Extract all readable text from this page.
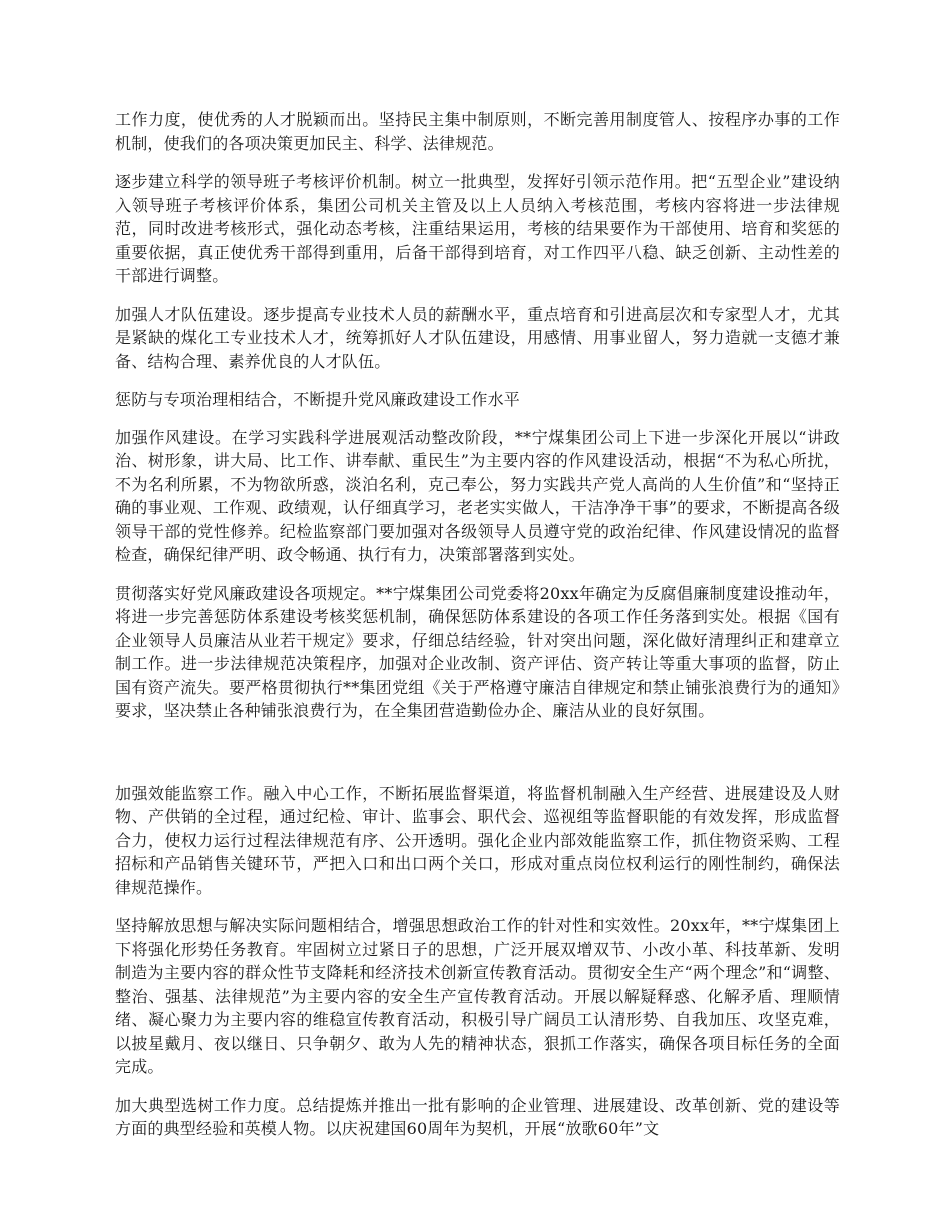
工作力度，使优秀的人才脱颖而出。坚持民主集中制原则，不断完善用制度管人、按程序办事的工作机制，使我们的各项决策更加民主、科学、法律规范。

逐步建立科学的领导班子考核评价机制。树立一批典型，发挥好引领示范作用。把“五型企业”建设纳入领导班子考核评价体系，集团公司机关主管及以上人员纳入考核范围，考核内容将进一步法律规范，同时改进考核形式，强化动态考核，注重结果运用，考核的结果要作为干部使用、培育和奖惩的重要依据，真正使优秀干部得到重用，后备干部得到培育，对工作四平八稳、缺乏创新、主动性差的干部进行调整。

加强人才队伍建设。逐步提高专业技术人员的薪酬水平，重点培育和引进高层次和专家型人才，尤其是紧缺的煤化工专业技术人才，统筹抓好人才队伍建设，用感情、用事业留人，努力造就一支德才兼备、结构合理、素养优良的人才队伍。

惩防与专项治理相结合，不断提升党风廉政建设工作水平

加强作风建设。在学习实践科学进展观活动整改阶段，**宁煤集团公司上下进一步深化开展以“讲政治、树形象，讲大局、比工作、讲奉献、重民生”为主要内容的作风建设活动，根据“不为私心所扰，不为名利所累，不为物欲所惑，淡泊名利，克己奉公，努力实践共产党人高尚的人生价值”和“坚持正确的事业观、工作观、政绩观，认仔细真学习，老老实实做人，干洁净净干事”的要求，不断提高各级领导干部的党性修养。纪检监察部门要加强对各级领导人员遵守党的政治纪律、作风建设情况的监督检查，确保纪律严明、政令畅通、执行有力，决策部署落到实处。

贯彻落实好党风廉政建设各项规定。**宁煤集团公司党委将20xx年确定为反腐倡廉制度建设推动年，将进一步完善惩防体系建设考核奖惩机制，确保惩防体系建设的各项工作任务落到实处。根据《国有企业领导人员廉洁从业若干规定》要求，仔细总结经验，针对突出问题，深化做好清理纠正和建章立制工作。进一步法律规范决策程序，加强对企业改制、资产评估、资产转让等重大事项的监督，防止国有资产流失。要严格贯彻执行**集团党组《关于严格遵守廉洁自律规定和禁止铺张浪费行为的通知》要求，坚决禁止各种铺张浪费行为，在全集团营造勤俭办企、廉洁从业的良好氛围。

加强效能监察工作。融入中心工作，不断拓展监督渠道，将监督机制融入生产经营、进展建设及人财物、产供销的全过程，通过纪检、审计、监事会、职代会、巡视组等监督职能的有效发挥，形成监督合力，使权力运行过程法律规范有序、公开透明。强化企业内部效能监察工作，抓住物资采购、工程招标和产品销售关键环节，严把入口和出口两个关口，形成对重点岗位权利运行的刚性制约，确保法律规范操作。

坚持解放思想与解决实际问题相结合，增强思想政治工作的针对性和实效性。20xx年，**宁煤集团上下将强化形势任务教育。牢固树立过紧日子的思想，广泛开展双增双节、小改小革、科技革新、发明制造为主要内容的群众性节支降耗和经济技术创新宣传教育活动。贯彻安全生产“两个理念”和“调整、整治、强基、法律规范”为主要内容的安全生产宣传教育活动。开展以解疑释惑、化解矛盾、理顺情绪、凝心聚力为主要内容的维稳宣传教育活动，积极引导广阔员工认清形势、自我加压、攻坚克难，以披星戴月、夜以继日、只争朝夕、敢为人先的精神状态，狠抓工作落实，确保各项目标任务的全面完成。

加大典型选树工作力度。总结提炼并推出一批有影响的企业管理、进展建设、改革创新、党的建设等方面的典型经验和英模人物。以庆祝建国60周年为契机，开展“放歌60年”文
